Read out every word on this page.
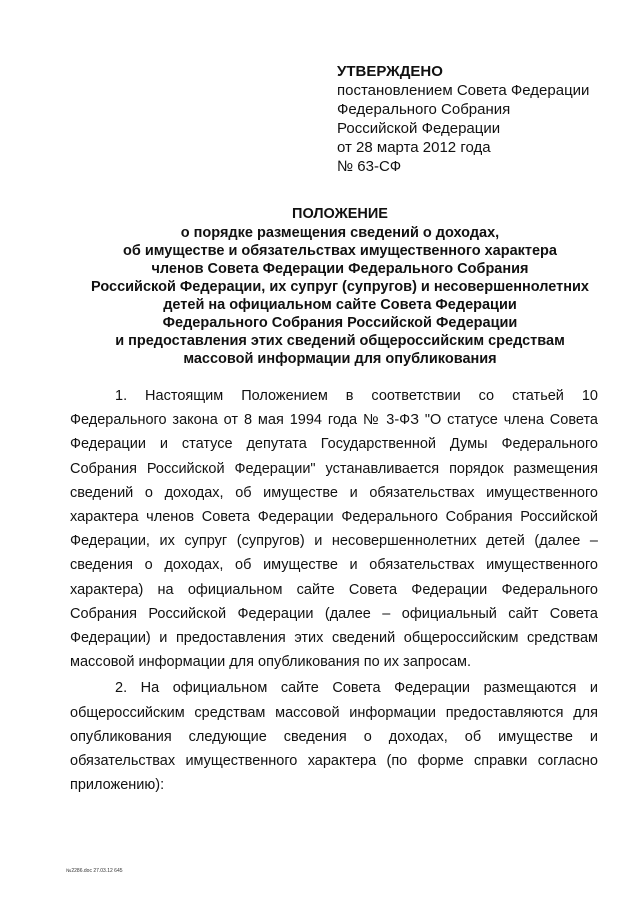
УТВЕРЖДЕНО
постановлением Совета Федерации
Федерального Собрания
Российской Федерации
от 28 марта 2012 года
№ 63-СФ
ПОЛОЖЕНИЕ
о порядке размещения сведений о доходах,
об имуществе и обязательствах имущественного характера
членов Совета Федерации Федерального Собрания
Российской Федерации, их супруг (супругов) и несовершеннолетних
детей на официальном сайте Совета Федерации
Федерального Собрания Российской Федерации
и предоставления этих сведений общероссийским средствам
массовой информации для опубликования

1. Настоящим Положением в соответствии со статьей 10 Федерального закона от 8 мая 1994 года № 3-ФЗ "О статусе члена Совета Федерации и статусе депутата Государственной Думы Федерального Собрания Российской Федерации" устанавливается порядок размещения сведений о доходах, об имуществе и обязательствах имущественного характера членов Совета Федерации Федерального Собрания Российской Федерации, их супруг (супругов) и несовершеннолетних детей (далее – сведения о доходах, об имуществе и обязательствах имущественного характера) на официальном сайте Совета Федерации Федерального Собрания Российской Федерации (далее – официальный сайт Совета Федерации) и предоставления этих сведений общероссийским средствам массовой информации для опубликования по их запросам.

2. На официальном сайте Совета Федерации размещаются и общероссийским средствам массовой информации предоставляются для опубликования следующие сведения о доходах, об имуществе и обязательствах имущественного характера (по форме справки согласно приложению):

№2286.doc 27.03.12 645
